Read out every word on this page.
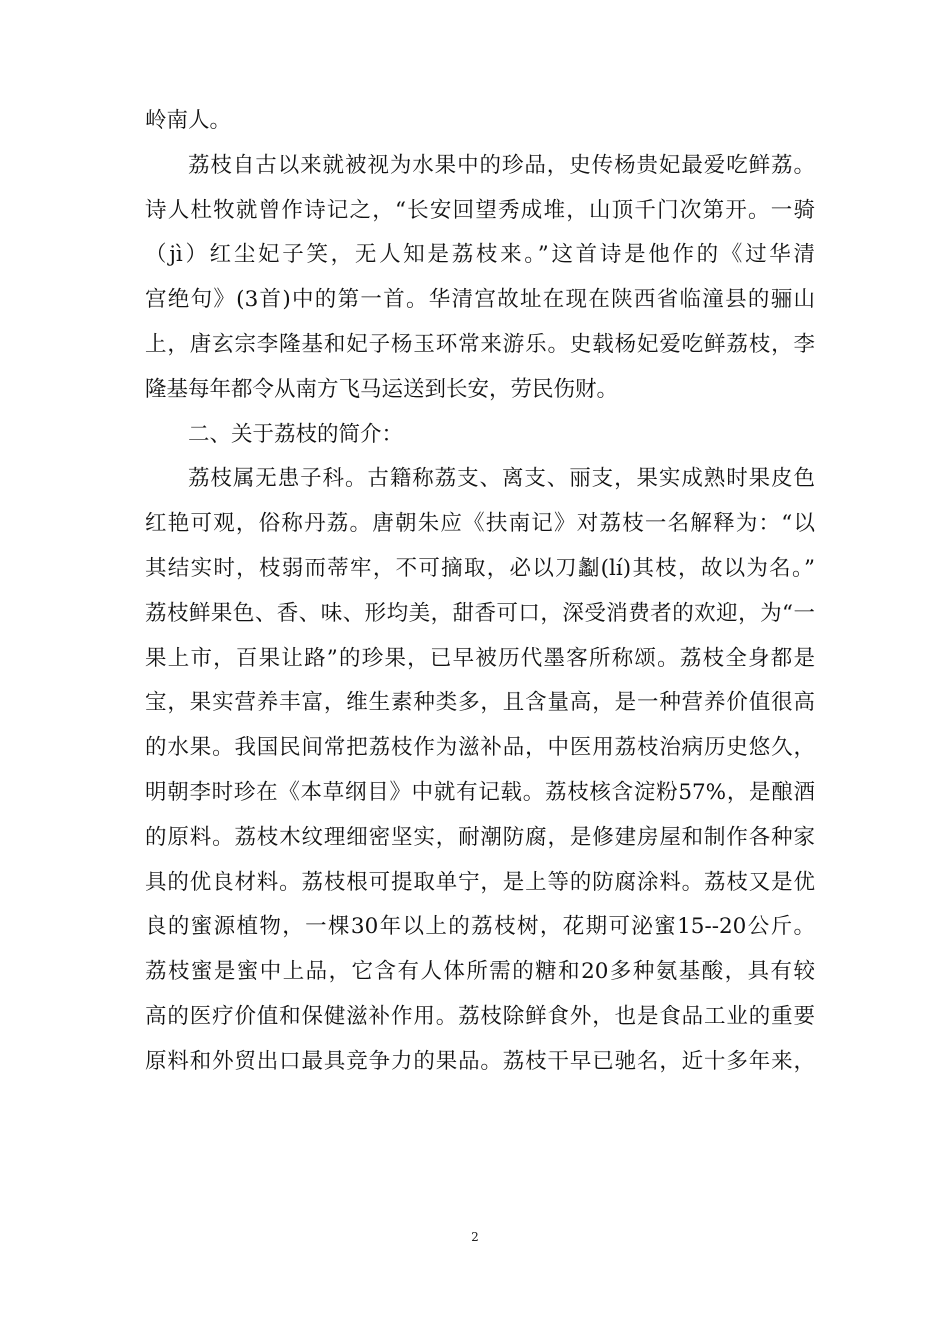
岭南人。
荔枝自古以来就被视为水果中的珍品，史传杨贵妃最爱吃鲜荔。
诗人杜牧就曾作诗记之，“长安回望秀成堆，山顶千门次第开。一骑
（jì）红尘妃子笑，无人知是荔枝来。”这首诗是他作的《过华清
宫绝句》(3首)中的第一首。华清宫故址在现在陕西省临潼县的骊山
上，唐玄宗李隆基和妃子杨玉环常来游乐。史载杨妃爱吃鲜荔枝，李
隆基每年都令从南方飞马运送到长安，劳民伤财。
二、关于荔枝的简介：
荔枝属无患子科。古籍称荔支、离支、丽支，果实成熟时果皮色
红艳可观，俗称丹荔。唐朝朱应《扶南记》对荔枝一名解释为：“以
其结实时，枝弱而蒂牢，不可摘取，必以刀劙(lí)其枝，故以为名。”
荔枝鲜果色、香、味、形均美，甜香可口，深受消费者的欢迎，为“一
果上市，百果让路”的珍果，已早被历代墨客所称颂。荔枝全身都是
宝，果实营养丰富，维生素种类多，且含量高，是一种营养价值很高
的水果。我国民间常把荔枝作为滋补品，中医用荔枝治病历史悠久，
明朝李时珍在《本草纲目》中就有记载。荔枝核含淀粉57%，是酿酒
的原料。荔枝木纹理细密坚实，耐潮防腐，是修建房屋和制作各种家
具的优良材料。荔枝根可提取单宁，是上等的防腐涂料。荔枝又是优
良的蜜源植物，一棵30年以上的荔枝树，花期可泌蜜15--20公斤。
荔枝蜜是蜜中上品，它含有人体所需的糖和20多种氨基酸，具有较
高的医疗价值和保健滋补作用。荔枝除鲜食外，也是食品工业的重要
原料和外贸出口最具竞争力的果品。荔枝干早已驰名，近十多年来，
2
